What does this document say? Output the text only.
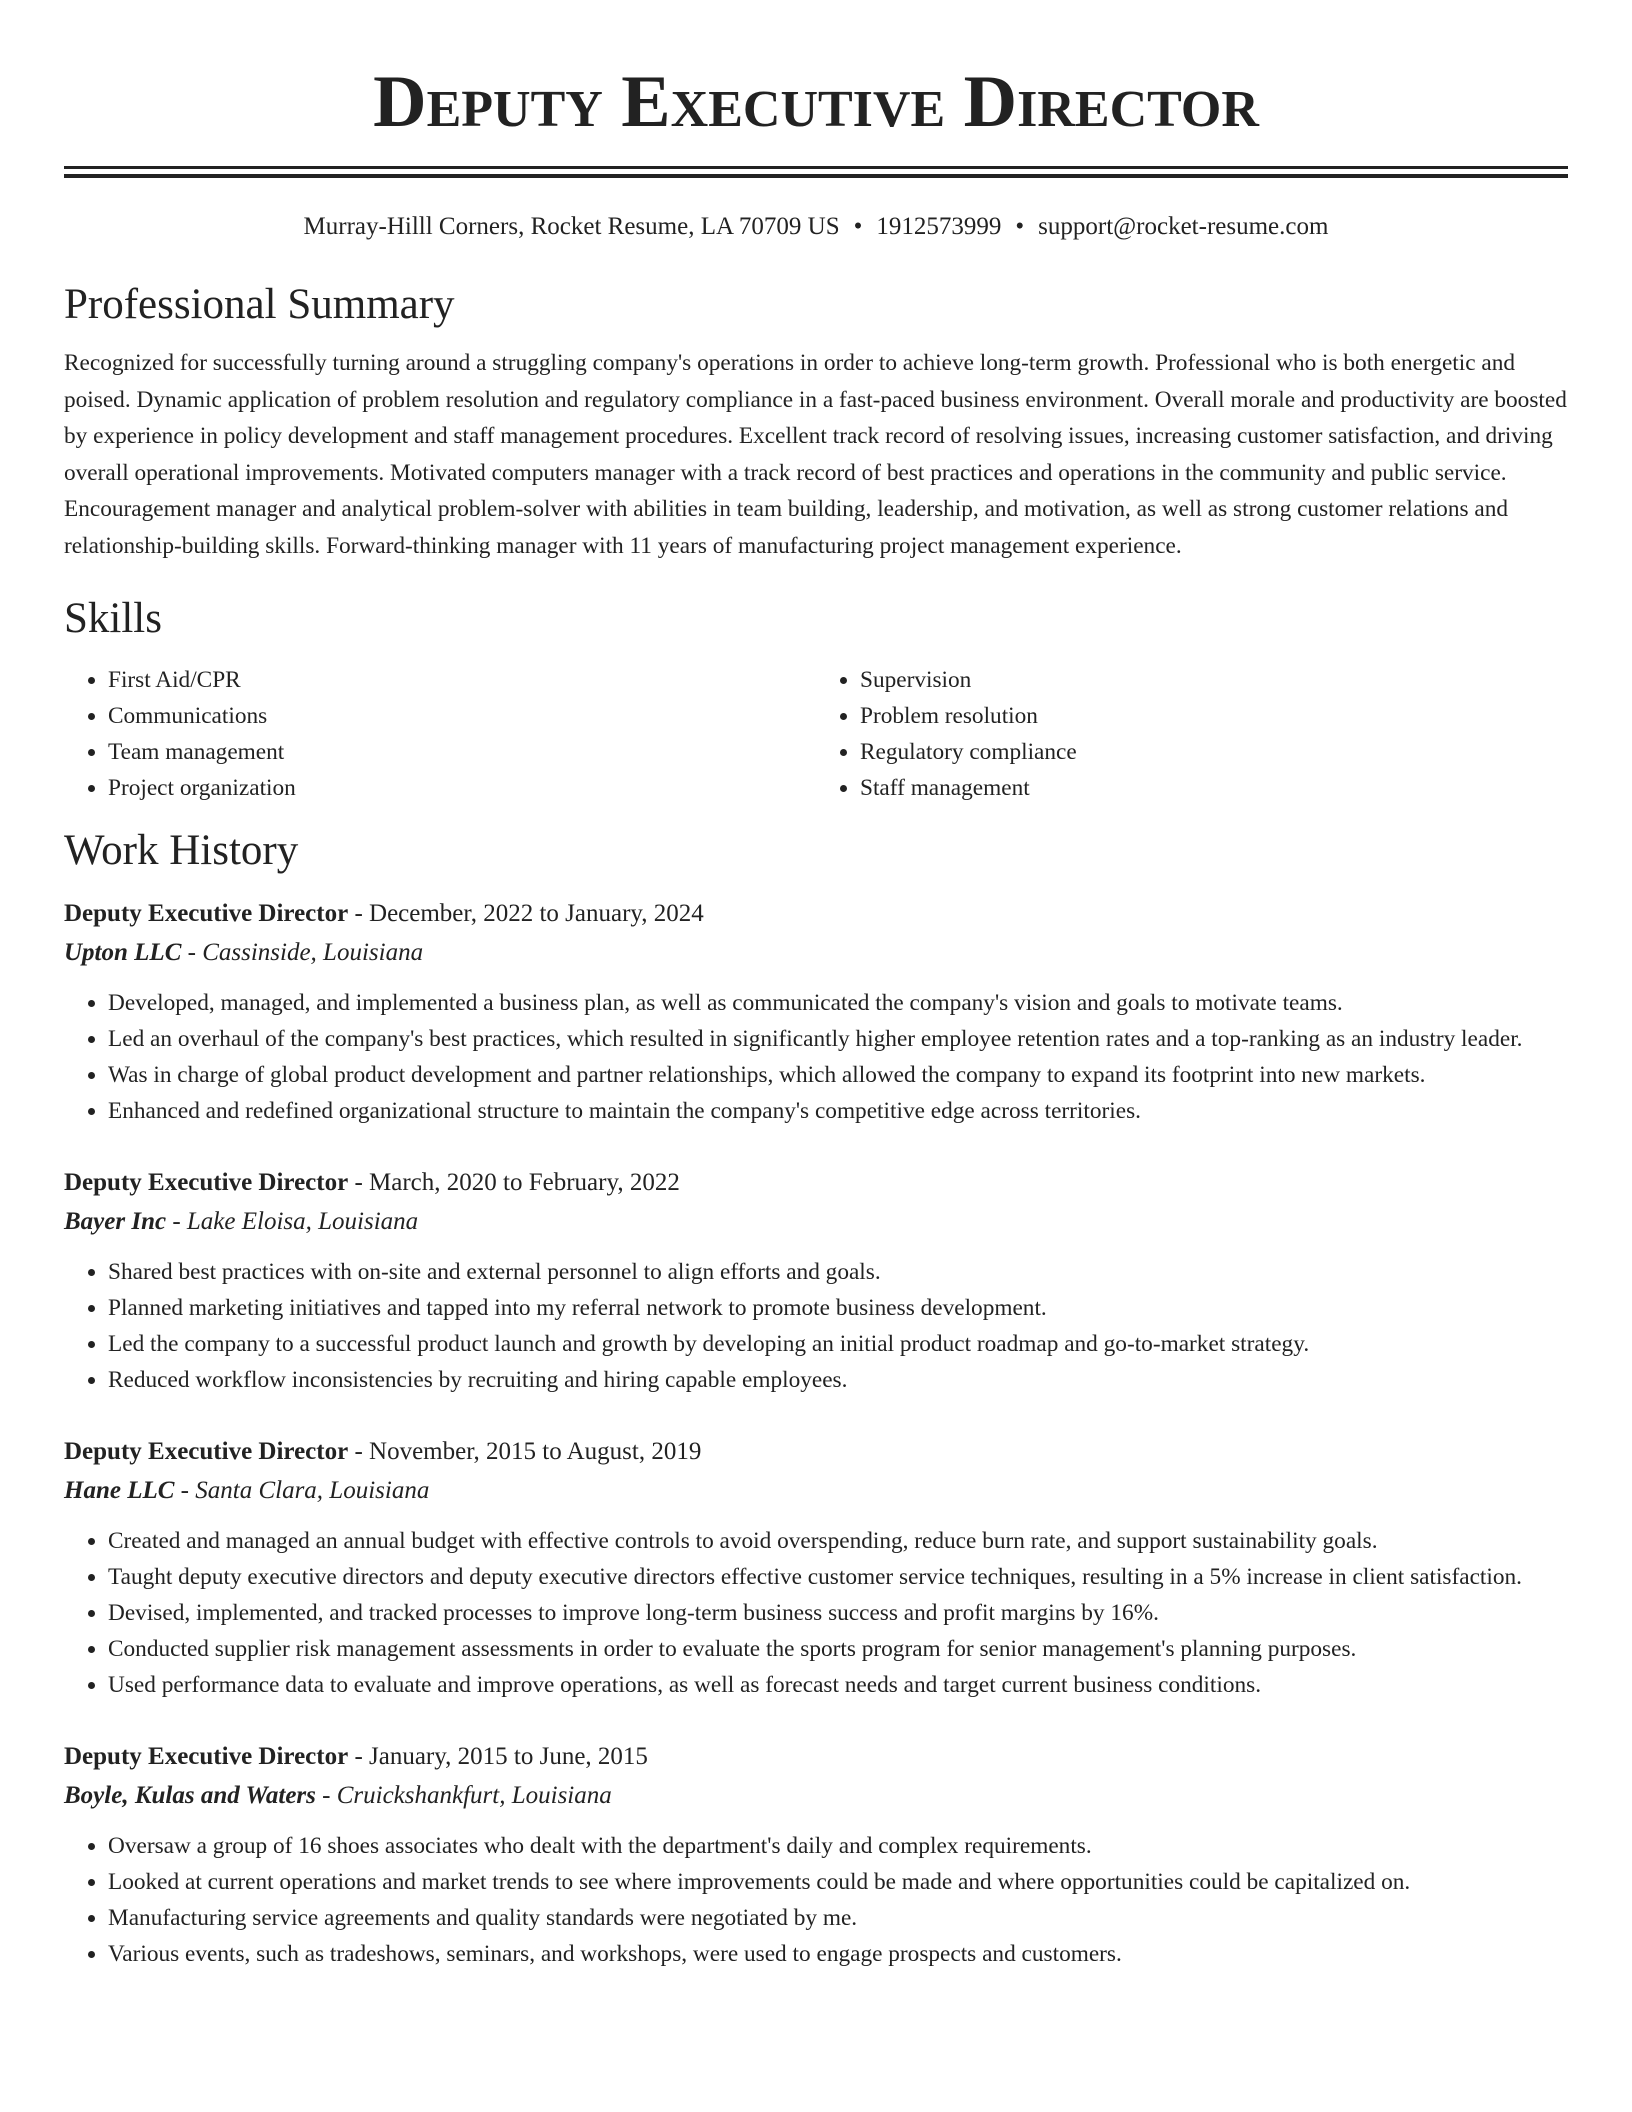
Deputy Executive Director
Murray-Hilll Corners, Rocket Resume, LA 70709 US • 1912573999 • support@rocket-resume.com
Professional Summary

Recognized for successfully turning around a struggling company's operations in order to achieve long-term growth. Professional who is both energetic and poised. Dynamic application of problem resolution and regulatory compliance in a fast-paced business environment. Overall morale and productivity are boosted by experience in policy development and staff management procedures. Excellent track record of resolving issues, increasing customer satisfaction, and driving overall operational improvements. Motivated computers manager with a track record of best practices and operations in the community and public service. Encouragement manager and analytical problem-solver with abilities in team building, leadership, and motivation, as well as strong customer relations and relationship-building skills. Forward-thinking manager with 11 years of manufacturing project management experience.

Skills
• First Aid/CPR
• Communications
• Team management
• Project organization
• Supervision
• Problem resolution
• Regulatory compliance
• Staff management
Work History
Deputy Executive Director - December, 2022 to January, 2024
Upton LLC - Cassinside, Louisiana
• Developed, managed, and implemented a business plan, as well as communicated the company's vision and goals to motivate teams.
• Led an overhaul of the company's best practices, which resulted in significantly higher employee retention rates and a top-ranking as an industry leader.
• Was in charge of global product development and partner relationships, which allowed the company to expand its footprint into new markets.
• Enhanced and redefined organizational structure to maintain the company's competitive edge across territories.
Deputy Executive Director - March, 2020 to February, 2022
Bayer Inc - Lake Eloisa, Louisiana
• Shared best practices with on-site and external personnel to align efforts and goals.
• Planned marketing initiatives and tapped into my referral network to promote business development.
• Led the company to a successful product launch and growth by developing an initial product roadmap and go-to-market strategy.
• Reduced workflow inconsistencies by recruiting and hiring capable employees.
Deputy Executive Director - November, 2015 to August, 2019
Hane LLC - Santa Clara, Louisiana
• Created and managed an annual budget with effective controls to avoid overspending, reduce burn rate, and support sustainability goals.
• Taught deputy executive directors and deputy executive directors effective customer service techniques, resulting in a 5% increase in client satisfaction.
• Devised, implemented, and tracked processes to improve long-term business success and profit margins by 16%.
• Conducted supplier risk management assessments in order to evaluate the sports program for senior management's planning purposes.
• Used performance data to evaluate and improve operations, as well as forecast needs and target current business conditions.
Deputy Executive Director - January, 2015 to June, 2015
Boyle, Kulas and Waters - Cruickshankfurt, Louisiana
• Oversaw a group of 16 shoes associates who dealt with the department's daily and complex requirements.
• Looked at current operations and market trends to see where improvements could be made and where opportunities could be capitalized on.
• Manufacturing service agreements and quality standards were negotiated by me.
• Various events, such as tradeshows, seminars, and workshops, were used to engage prospects and customers.
